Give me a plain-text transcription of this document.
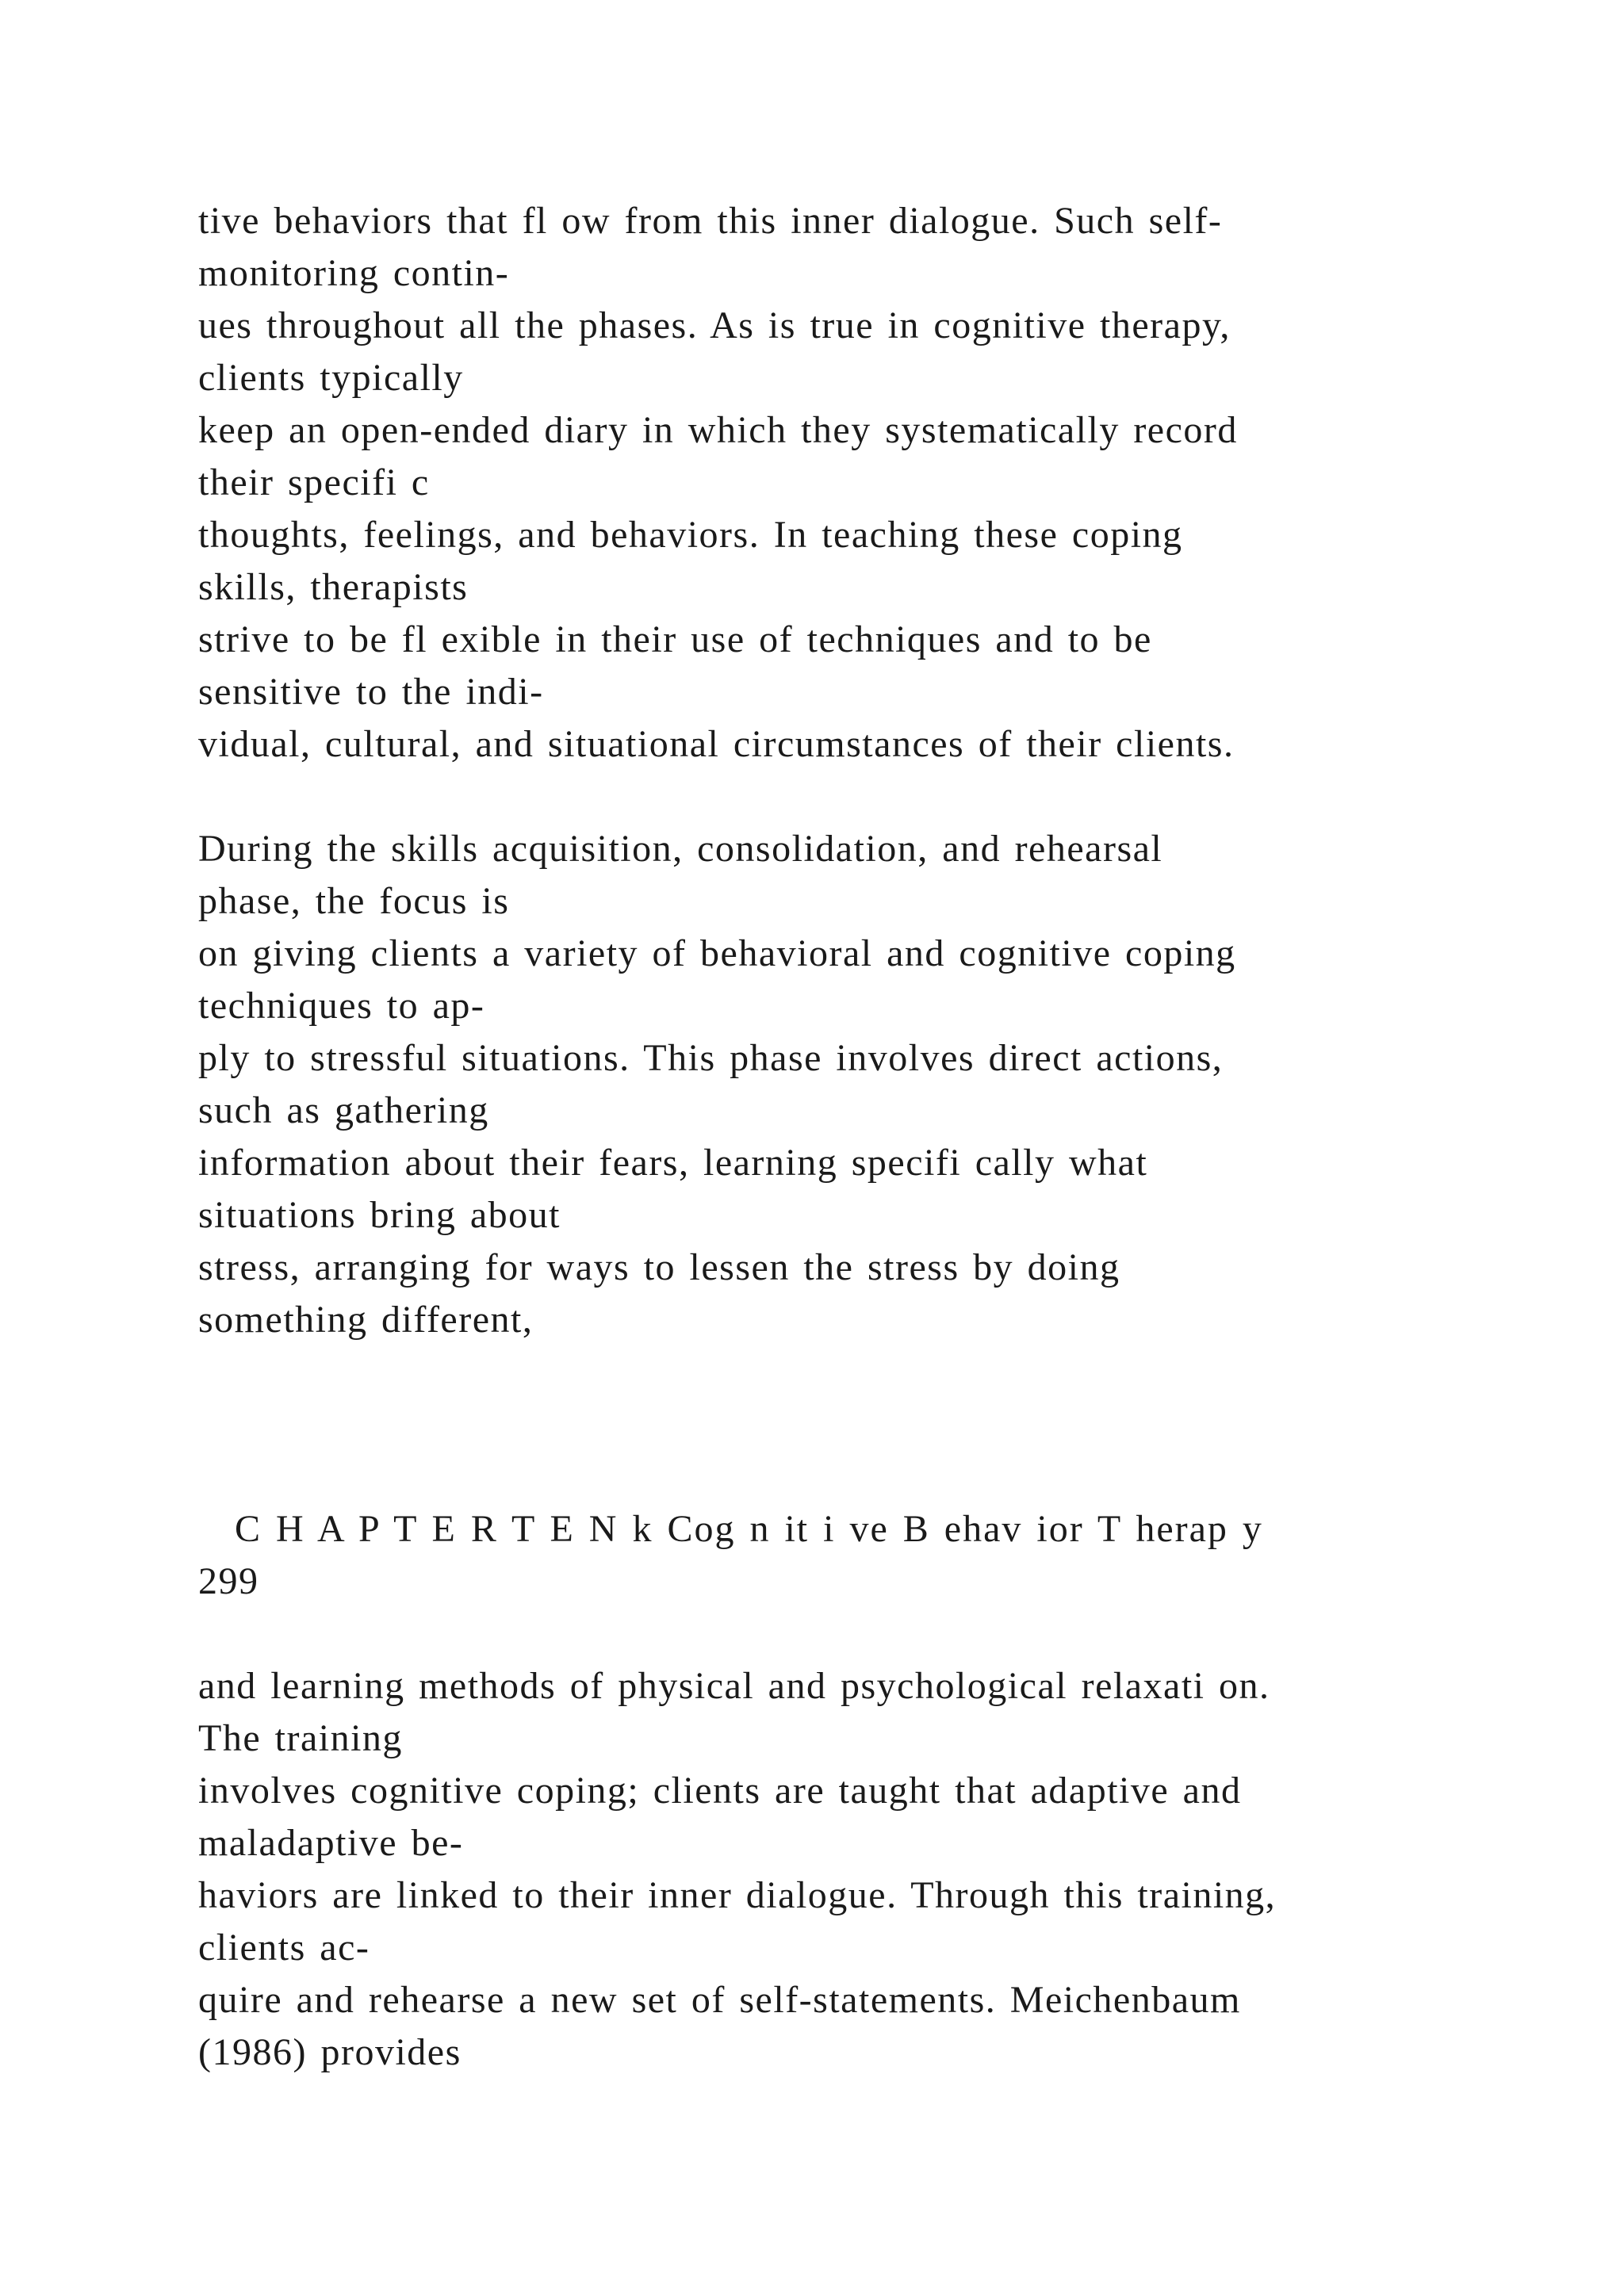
tive behaviors that fl ow from this inner dialogue. Such self-

monitoring contin-

ues throughout all the phases. As is true in cognitive therapy,

clients typically

keep an open-ended diary in which they systematically record

their specifi c

thoughts, feelings, and behaviors. In teaching these coping

skills, therapists

strive to be fl exible in their use of techniques and to be

sensitive to the indi-

vidual, cultural, and situational circumstances of their clients.

During the skills acquisition, consolidation, and rehearsal

phase, the focus is

on giving clients a variety of behavioral and cognitive coping

techniques to ap-

ply to stressful situations. This phase involves direct actions,

such as gathering

information about their fears, learning specifi cally what

situations bring about

stress, arranging for ways to lessen the stress by doing

something different,

C H A P T E R T E N k Cog n it i ve B ehav ior T herap y

299

and learning methods of physical and psychological relaxati on.

The training

involves cognitive coping; clients are taught that adaptive and

maladaptive be-

haviors are linked to their inner dialogue. Through this training,

clients ac-

quire and rehearse a new set of self-statements. Meichenbaum

(1986) provides
